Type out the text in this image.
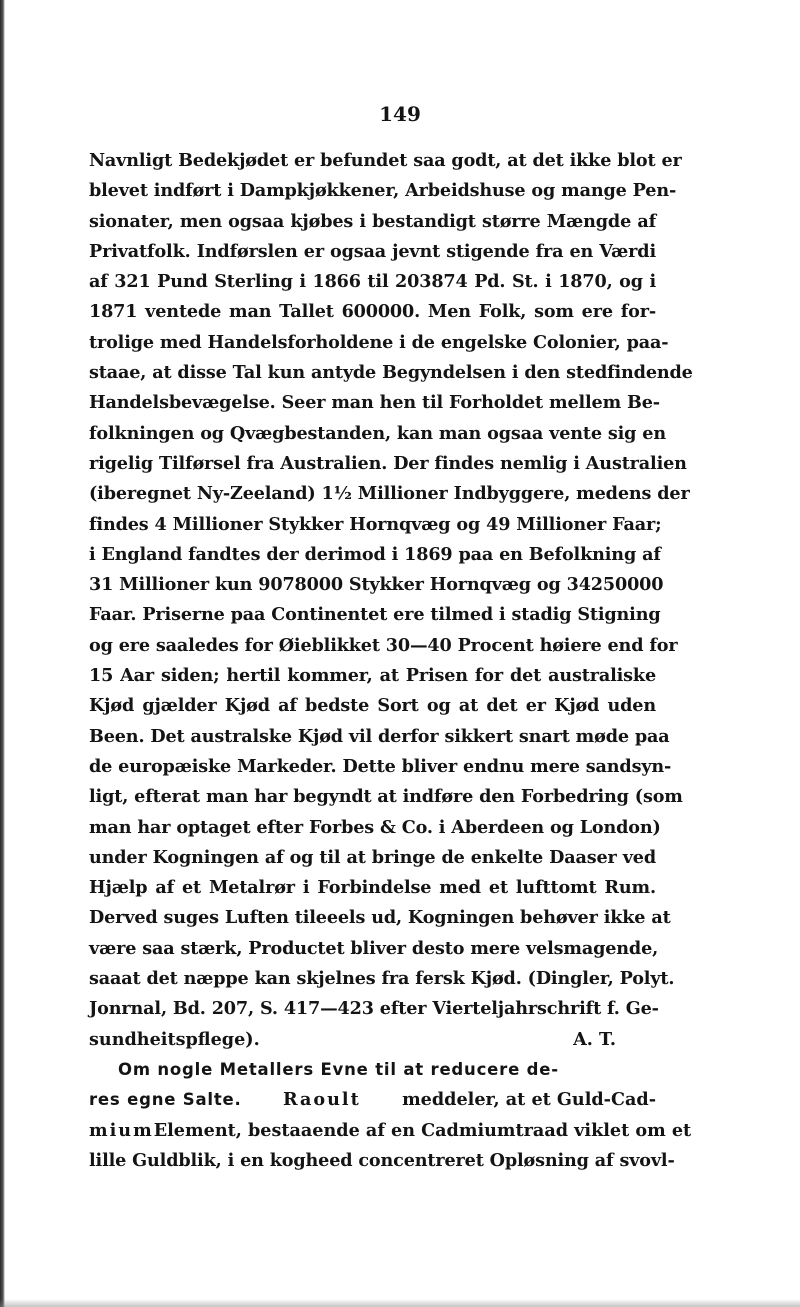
149
Navnligt Bedekjødet er befundet saa godt, at det ikke blot er
blevet indført i Dampkjøkkener, Arbeidshuse og mange Pen-
sionater, men ogsaa kjøbes i bestandigt større Mængde af
Privatfolk. Indførslen er ogsaa jevnt stigende fra en Værdi
af 321 Pund Sterling i 1866 til 203874 Pd. St. i 1870, og i
1871 ventede man Tallet 600000. Men Folk, som ere for-
trolige med Handelsforholdene i de engelske Colonier, paa-
staae, at disse Tal kun antyde Begyndelsen i den stedfindende
Handelsbevægelse. Seer man hen til Forholdet mellem Be-
folkningen og Qvægbestanden, kan man ogsaa vente sig en
rigelig Tilførsel fra Australien. Der findes nemlig i Australien
(iberegnet Ny-Zeeland) 1½ Millioner Indbyggere, medens der
findes 4 Millioner Stykker Hornqvæg og 49 Millioner Faar;
i England fandtes der derimod i 1869 paa en Befolkning af
31 Millioner kun 9078000 Stykker Hornqvæg og 34250000
Faar. Priserne paa Continentet ere tilmed i stadig Stigning
og ere saaledes for Øieblikket 30—40 Procent høiere end for
15 Aar siden; hertil kommer, at Prisen for det australiske
Kjød gjælder Kjød af bedste Sort og at det er Kjød uden
Been. Det australske Kjød vil derfor sikkert snart møde paa
de europæiske Markeder. Dette bliver endnu mere sandsyn-
ligt, efterat man har begyndt at indføre den Forbedring (som
man har optaget efter Forbes & Co. i Aberdeen og London)
under Kogningen af og til at bringe de enkelte Daaser ved
Hjælp af et Metalrør i Forbindelse med et lufttomt Rum.
Derved suges Luften tileeels ud, Kogningen behøver ikke at
være saa stærk, Productet bliver desto mere velsmagende,
saaat det næppe kan skjelnes fra fersk Kjød. (Dingler, Polyt.
Jonrnal, Bd. 207, S. 417—423 efter Vierteljahrschrift f. Ge-
sundheitspflege).	A. T.
Om nogle Metallers Evne til at reducere de-
res egne Salte. Raoult meddeler, at et Guld-Cad-
mium Element, bestaaende af en Cadmiumtraad viklet om et
lille Guldblik, i en kogheed concentreret Opløsning af svovl-
